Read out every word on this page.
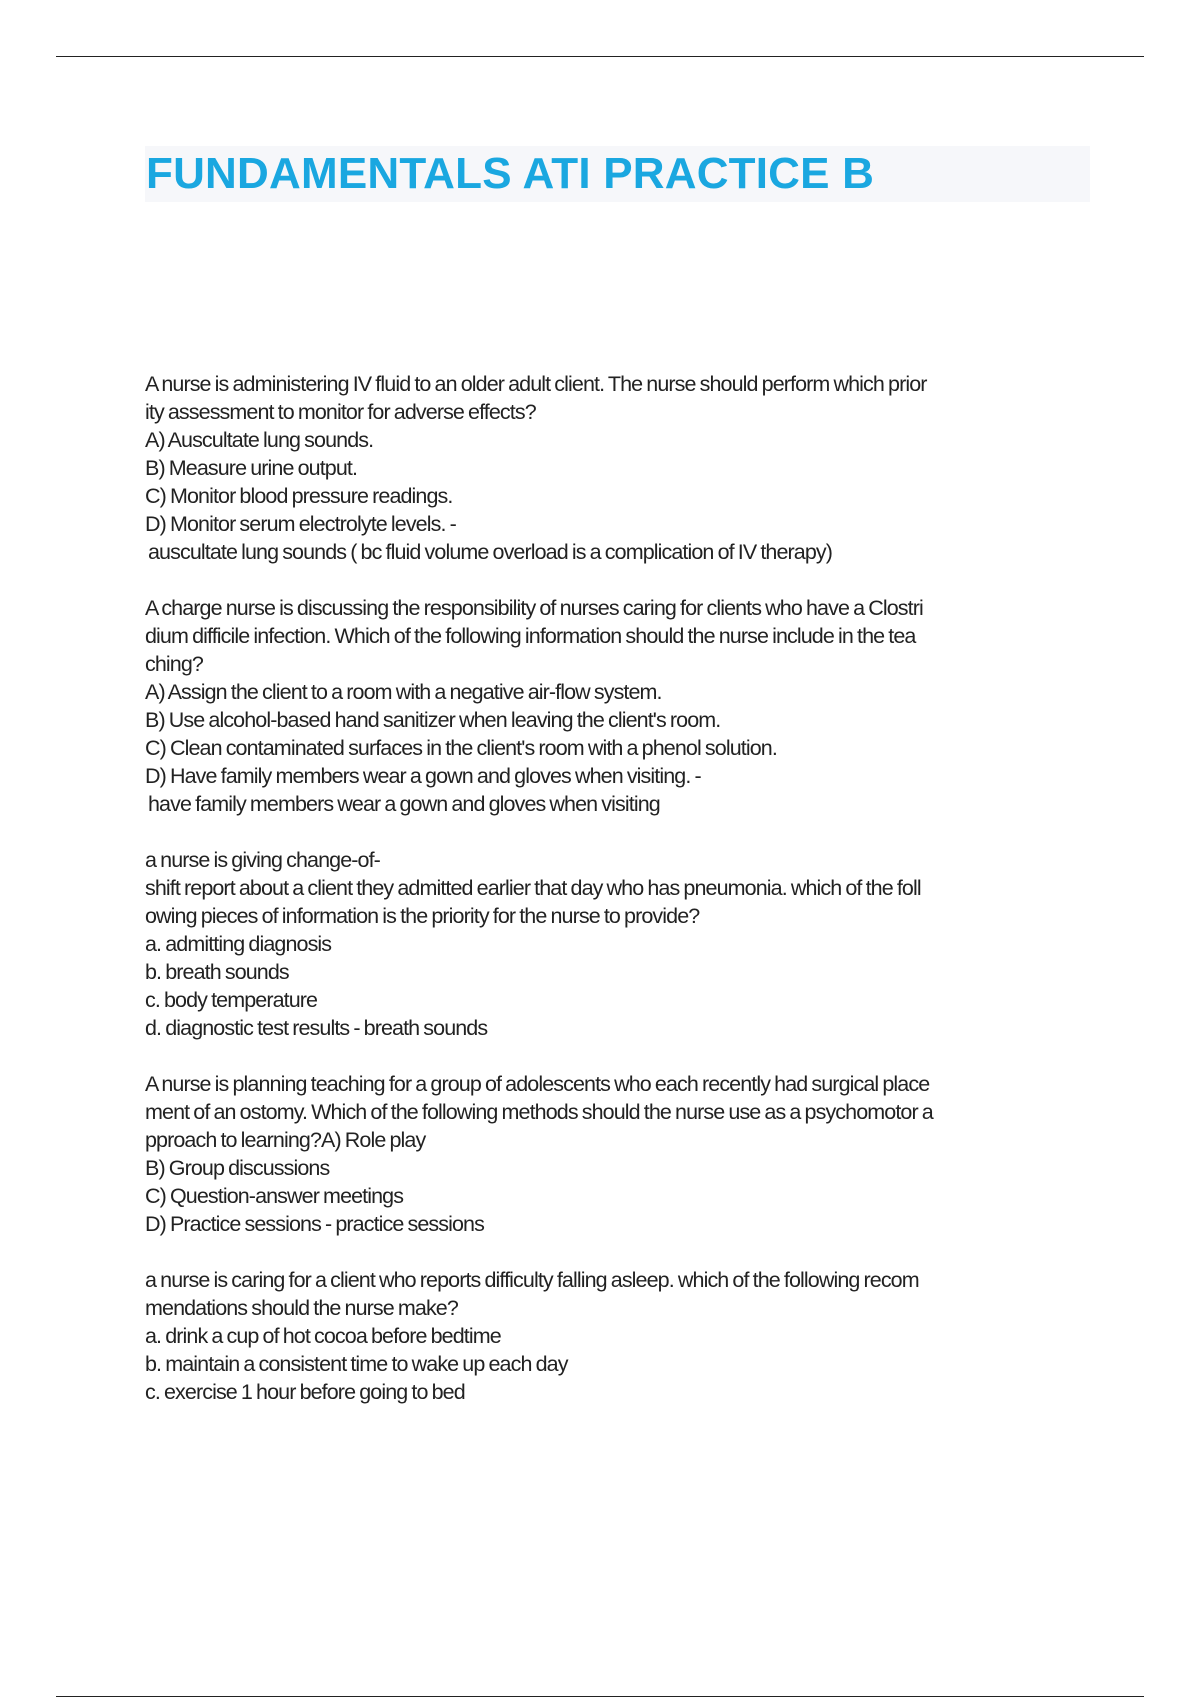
FUNDAMENTALS ATI PRACTICE B
A nurse is administering IV fluid to an older adult client. The nurse should perform which prior
ity assessment to monitor for adverse effects?
A) Auscultate lung sounds.
B) Measure urine output.
C) Monitor blood pressure readings.
D) Monitor serum electrolyte levels. -
auscultate lung sounds ( bc fluid volume overload is a complication of IV therapy)
A charge nurse is discussing the responsibility of nurses caring for clients who have a Clostri
dium difficile infection. Which of the following information should the nurse include in the tea
ching?
A) Assign the client to a room with a negative air-flow system.
B) Use alcohol-based hand sanitizer when leaving the client's room.
C) Clean contaminated surfaces in the client's room with a phenol solution.
D) Have family members wear a gown and gloves when visiting. -
have family members wear a gown and gloves when visiting
a nurse is giving change-of-
shift report about a client they admitted earlier that day who has pneumonia. which of the foll
owing pieces of information is the priority for the nurse to provide?
a. admitting diagnosis
b. breath sounds
c. body temperature
d. diagnostic test results - breath sounds
A nurse is planning teaching for a group of adolescents who each recently had surgical place
ment of an ostomy. Which of the following methods should the nurse use as a psychomotor a
pproach to learning?A) Role play
B) Group discussions
C) Question-answer meetings
D) Practice sessions - practice sessions
a nurse is caring for a client who reports difficulty falling asleep. which of the following recom
mendations should the nurse make?
a. drink a cup of hot cocoa before bedtime
b. maintain a consistent time to wake up each day
c. exercise 1 hour before going to bed
